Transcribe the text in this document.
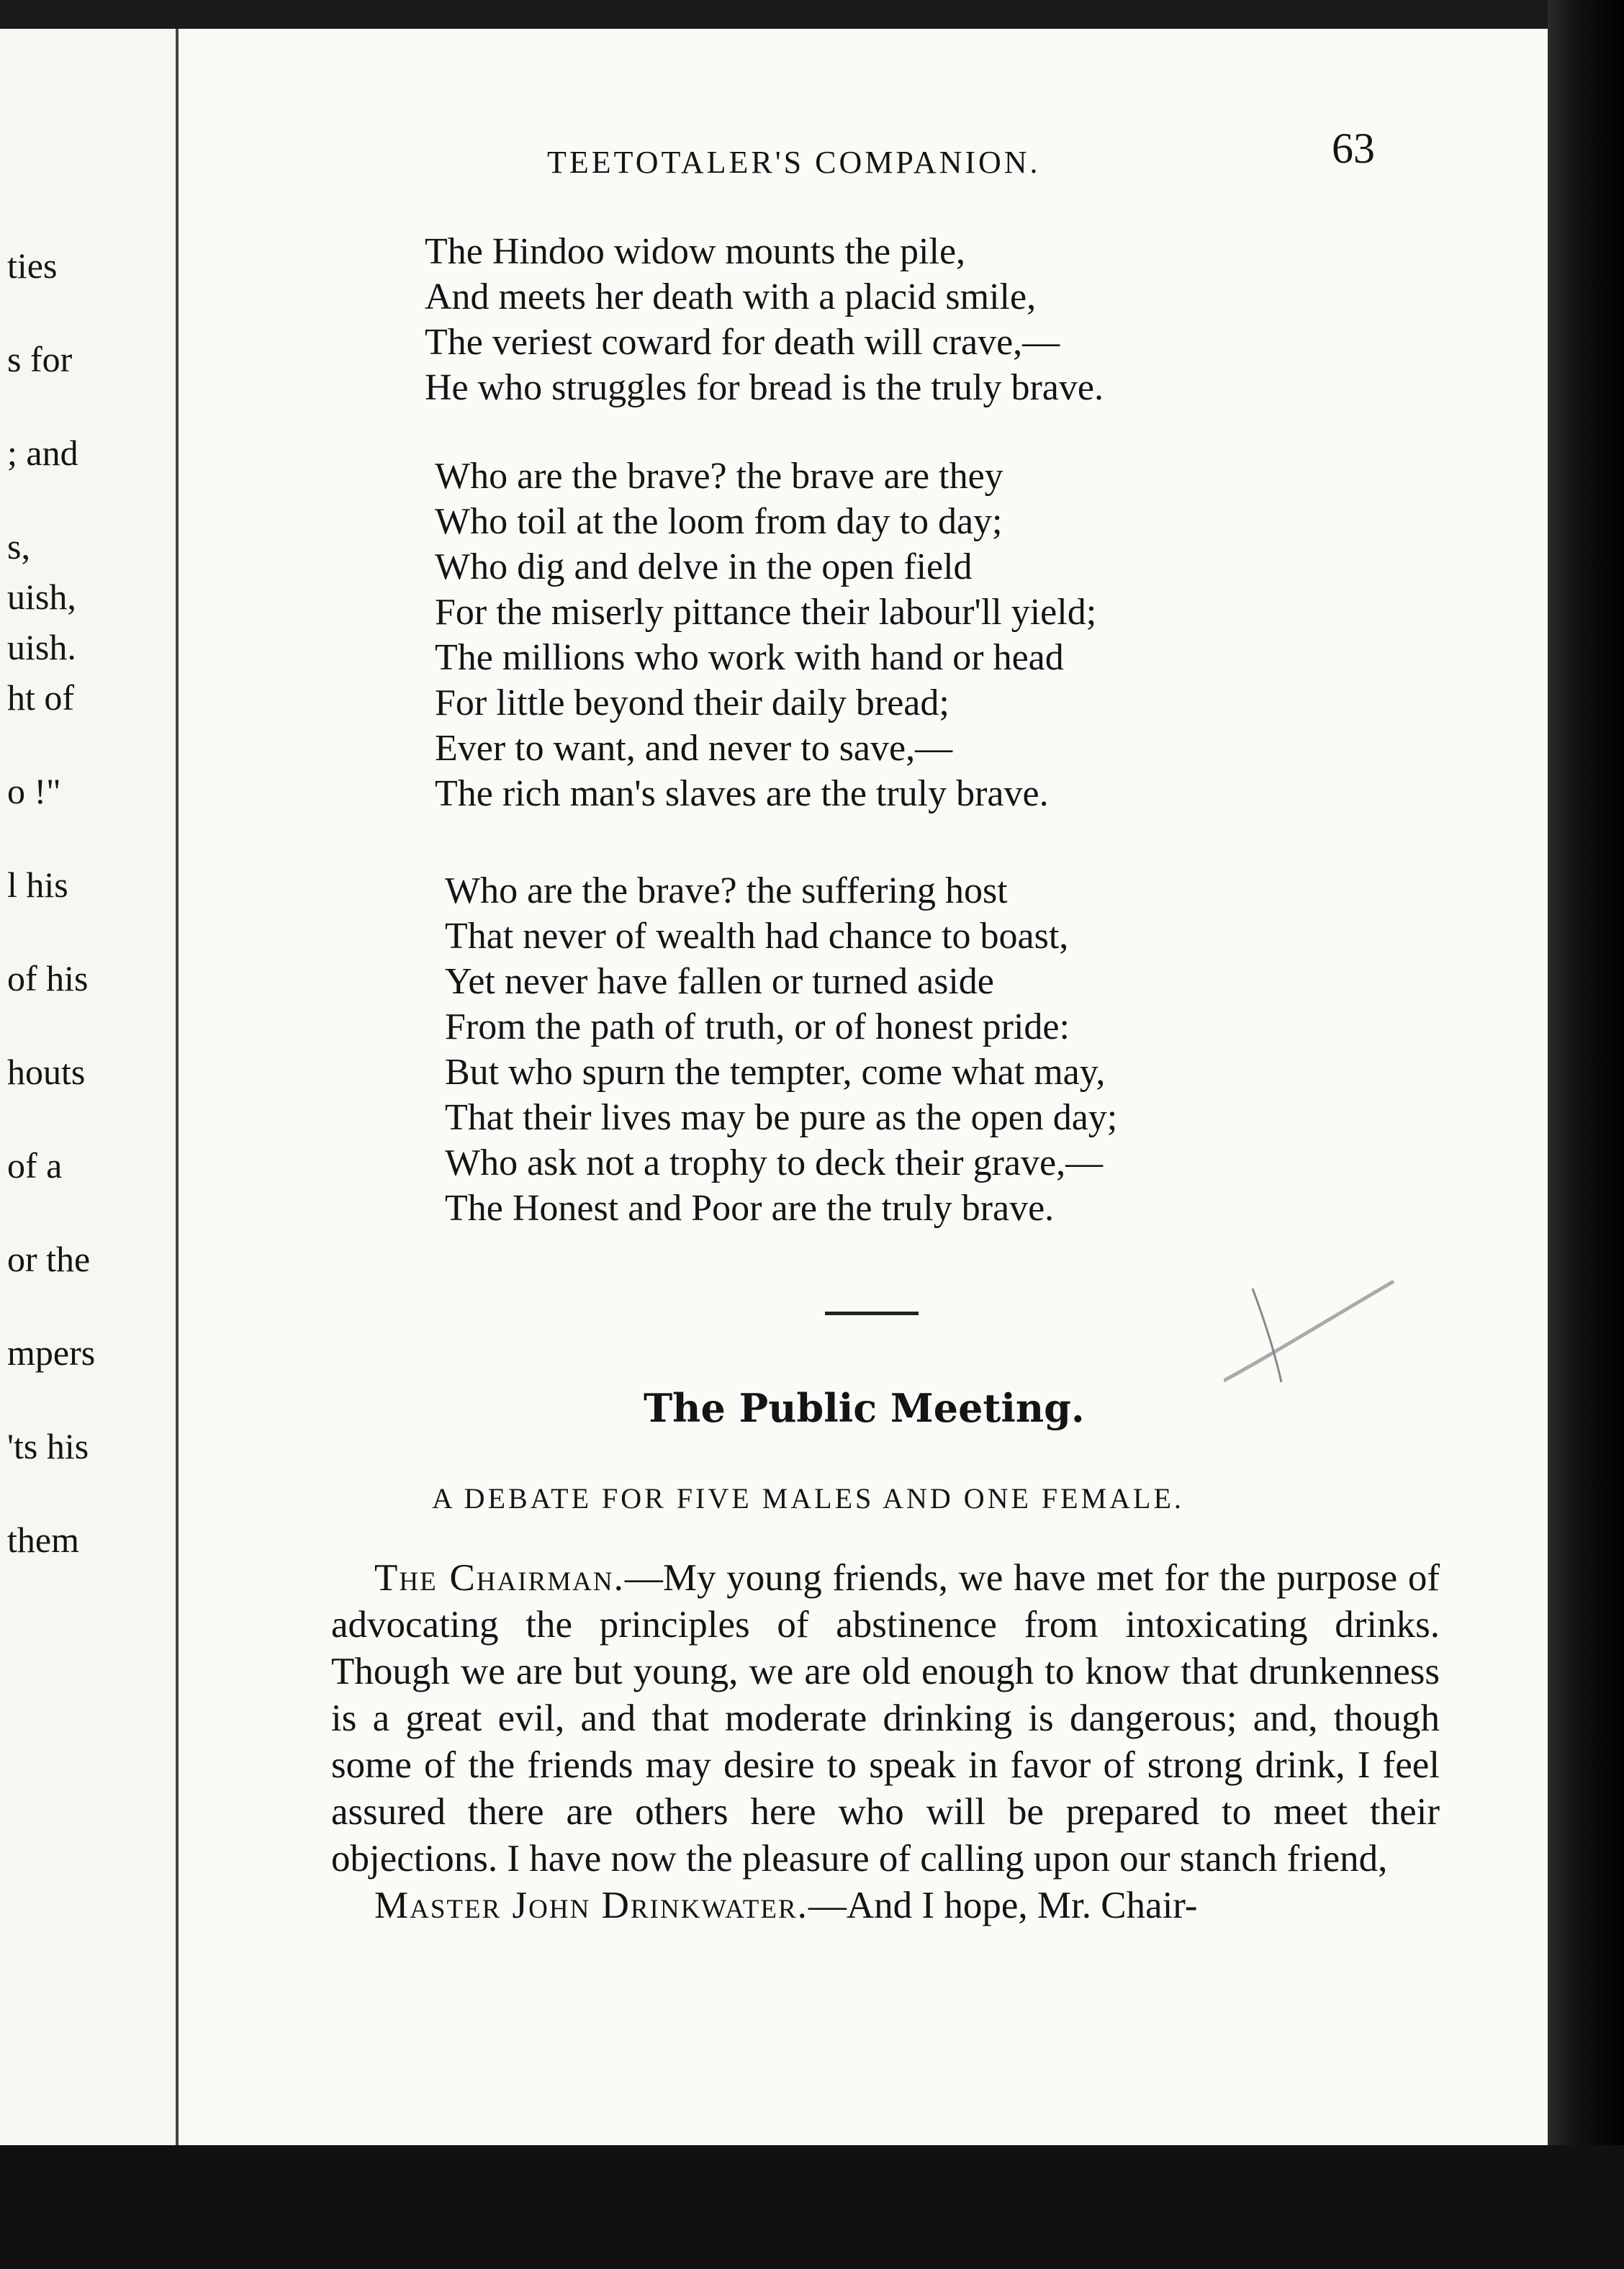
ties
s for
; and
s,
uish,
uish.
ht of
o !"
l his
of his
houts
of a
or the
mpers
'ts his
them
TEETOTALER'S COMPANION.	63
The Hindoo widow mounts the pile,
And meets her death with a placid smile,
The veriest coward for death will crave,—
He who struggles for bread is the truly brave.
Who are the brave? the brave are they
Who toil at the loom from day to day;
Who dig and delve in the open field
For the miserly pittance their labour'll yield;
The millions who work with hand or head
For little beyond their daily bread;
Ever to want, and never to save,—
The rich man's slaves are the truly brave.
Who are the brave? the suffering host
That never of wealth had chance to boast,
Yet never have fallen or turned aside
From the path of truth, or of honest pride:
But who spurn the tempter, come what may,
That their lives may be pure as the open day;
Who ask not a trophy to deck their grave,—
The Honest and Poor are the truly brave.
The Public Meeting.
A DEBATE FOR FIVE MALES AND ONE FEMALE.

The Chairman.—My young friends, we have met for the purpose of advocating the principles of abstinence from intoxicating drinks. Though we are but young, we are old enough to know that drunkenness is a great evil, and that moderate drinking is dangerous; and, though some of the friends may desire to speak in favor of strong drink, I feel assured there are others here who will be prepared to meet their objections. I have now the pleasure of calling upon our stanch friend,

Master John Drinkwater.—And I hope, Mr. Chair-
